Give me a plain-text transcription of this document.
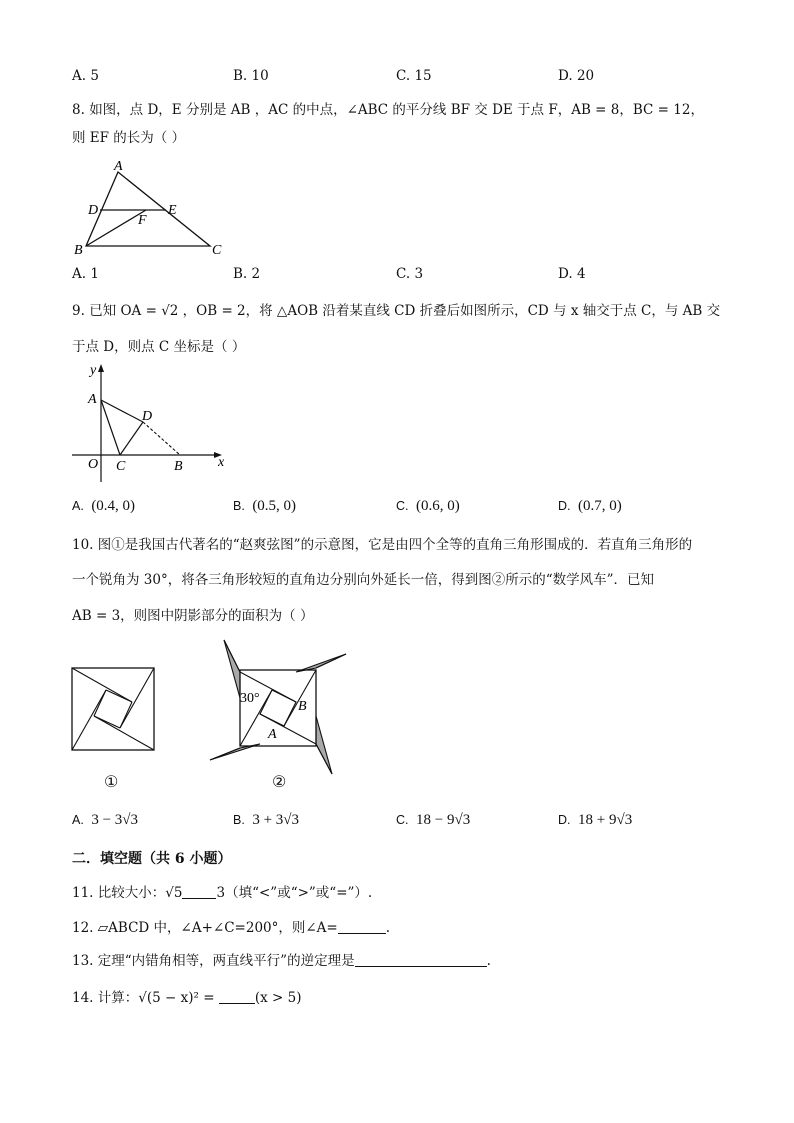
A. 5	B. 10	C. 15	D. 20
8. 如图，点 D，E 分别是 AB ，AC 的中点，∠ABC 的平分线 BF 交 DE 于点 F，AB = 8，BC = 12，
则 EF 的长为（ ）
A
D	E
F
B	C
A. 1	B. 2	C. 3	D. 4
9. 已知 OA = √2 ，OB = 2，将 △AOB 沿着某直线 CD 折叠后如图所示，CD 与 x 轴交于点 C，与 AB 交
于点 D，则点 C 坐标是（ ）
y
x
A
D
O C	B
A. (0.4, 0)	B. (0.5, 0)	C. (0.6, 0)	D. (0.7, 0)
10. 图①是我国古代著名的“赵爽弦图”的示意图，它是由四个全等的直角三角形围成的．若直角三角形的
一个锐角为 30°，将各三角形较短的直角边分别向外延长一倍，得到图②所示的“数学风车”．已知
AB = 3，则图中阴影部分的面积为（ ）
①
30°
B
A
②
A. 3 − 3√3	B. 3 + 3√3	C. 18 − 9√3	D. 18 + 9√3
二．填空题（共 6 小题）
11. 比较大小：√5	3（填“<”或“>”或“=”）.
12. ▱ABCD 中，∠A+∠C=200°，则∠A=	.
13. 定理“内错角相等，两直线平行”的逆定理是	.
14. 计算：√(5 − x)² =	(x > 5)
